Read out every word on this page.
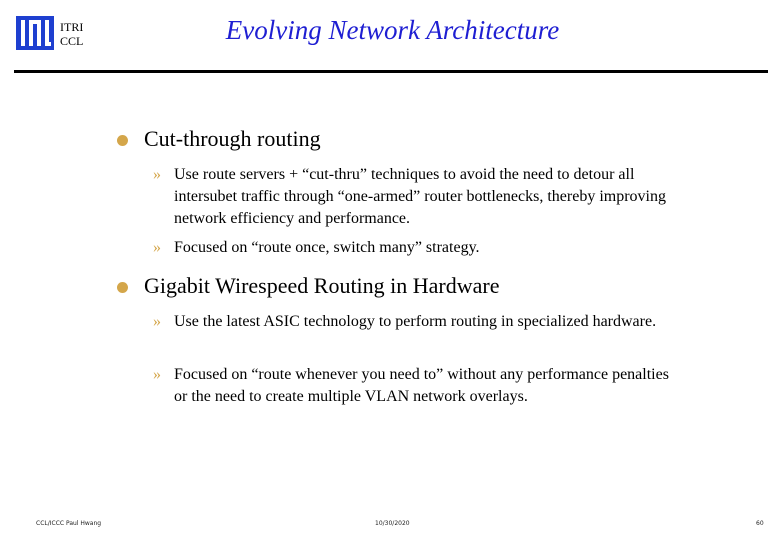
ITRI
CCL	Evolving Network Architecture
Cut-through routing
» Use route servers + “cut-thru” techniques to avoid the need to detour all intersubet traffic through “one-armed” router bottlenecks, thereby improving network efficiency and performance.
» Focused on “route once, switch many” strategy.
Gigabit Wirespeed Routing in Hardware
» Use the latest ASIC technology to perform routing in specialized hardware.
» Focused on “route whenever you need to” without any performance penalties or the need to create multiple VLAN network overlays.
CCL/ICCC Paul Hwang	10/30/2020	60
